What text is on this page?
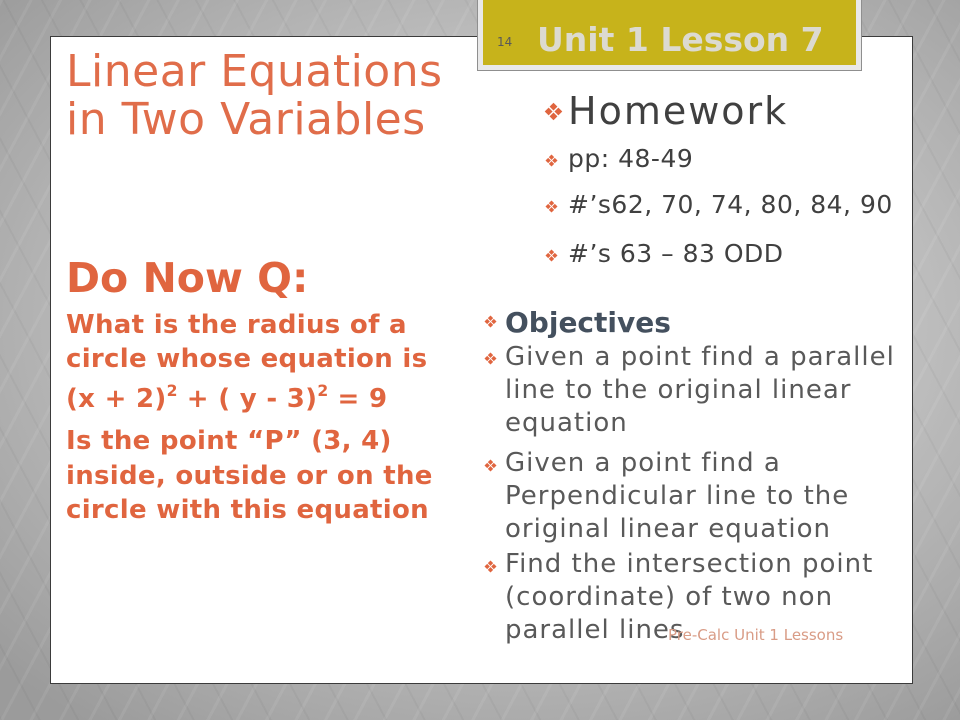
14 Unit 1 Lesson 7
Linear Equations
in Two Variables	Homework
pp: 48-49
#’s62, 70, 74, 80, 84, 90
#’s 63 – 83 ODD
Do Now Q:
What is the radius of a
circle whose equation is
$(x + 2)^2$ + ( y - 3)$^2$ = 9
Is the point “P” (3, 4)
inside, outside or on the
circle with this equation
Objectives
Given a point find a parallel
line to the original linear
equation
Given a point find a
Perpendicular line to the
original linear equation
Find the intersection point
(coordinate) of two non
parallel lines
Pre-Calc Unit 1 Lessons
